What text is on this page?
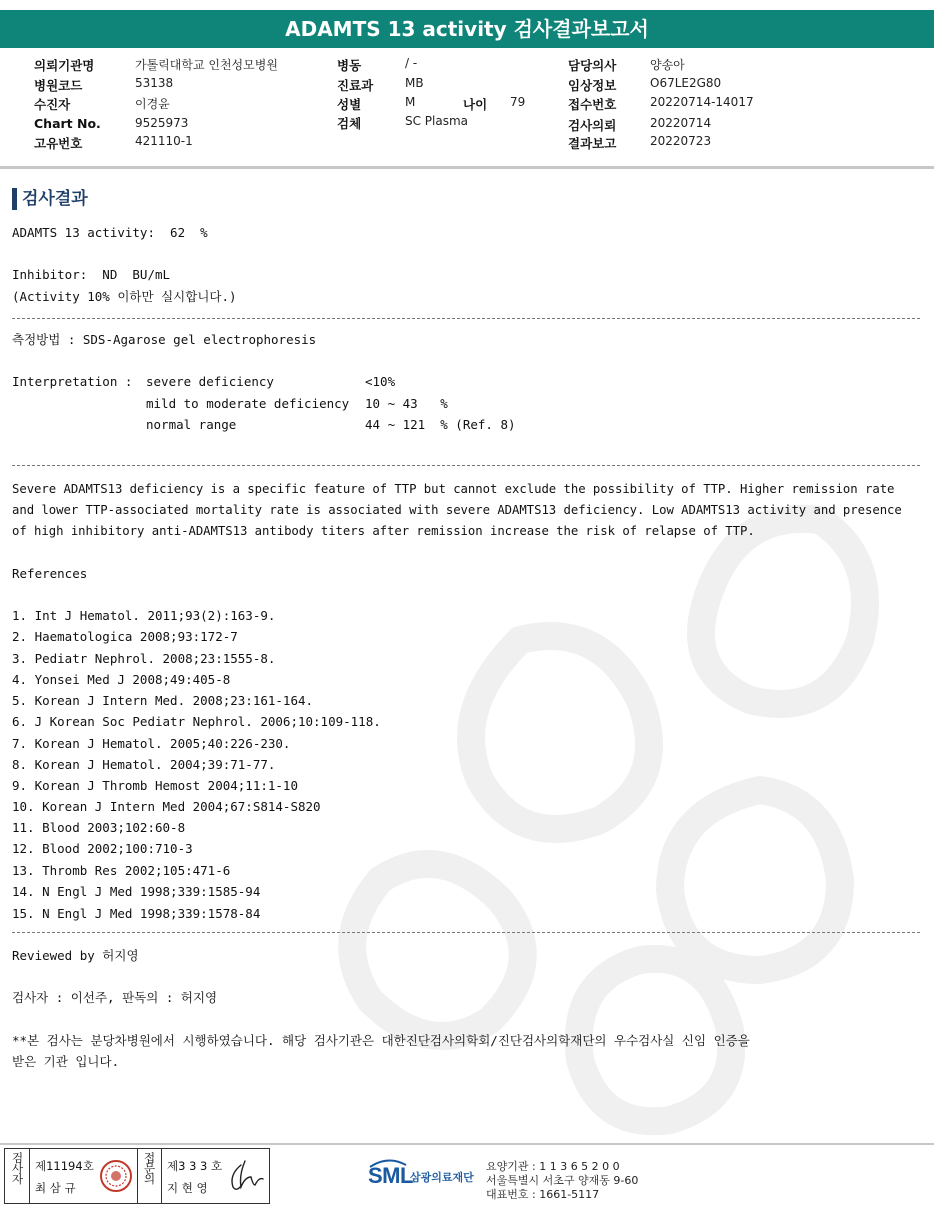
ADAMTS 13 activity 검사결과보고서
의뢰기관명	가톨릭대학교 인천성모병원
병원코드	53138
수진자	이경윤
Chart No.	9525973
고유번호	421110-1
병동	/ -
진료과	MB
성별	M	나이 79
검체	SC Plasma
담당의사	양송아
임상정보	O67LE2G80
접수번호	20220714-14017
검사의뢰	20220714
결과보고	20220723
검사결과
ADAMTS 13 activity:  62  %
Inhibitor:  ND  BU/mL
(Activity 10% 이하만 실시합니다.)
측정방법 : SDS-Agarose gel electrophoresis
Interpretation : severe deficiency	<10%
mild to moderate deficiency 10 ~ 43   %
normal range	44 ~ 121  % (Ref. 8)
Severe ADAMTS13 deficiency is a specific feature of TTP but cannot exclude the possibility of TTP. Higher remission rate
and lower TTP-associated mortality rate is associated with severe ADAMTS13 deficiency. Low ADAMTS13 activity and presence
of high inhibitory anti-ADAMTS13 antibody titers after remission increase the risk of relapse of TTP.
References
1. Int J Hematol. 2011;93(2):163-9.
2. Haematologica 2008;93:172-7
3. Pediatr Nephrol. 2008;23:1555-8.
4. Yonsei Med J 2008;49:405-8
5. Korean J Intern Med. 2008;23:161-164.
6. J Korean Soc Pediatr Nephrol. 2006;10:109-118.
7. Korean J Hematol. 2005;40:226-230.
8. Korean J Hematol. 2004;39:71-77.
9. Korean J Thromb Hemost 2004;11:1-10
10. Korean J Intern Med 2004;67:S814-S820
11. Blood 2003;102:60-8
12. Blood 2002;100:710-3
13. Thromb Res 2002;105:471-6
14. N Engl J Med 1998;339:1585-94
15. N Engl J Med 1998;339:1578-84
Reviewed by 허지영
검사자 : 이선주, 판독의 : 허지영
**본 검사는 분당차병원에서 시행하였습니다. 해당 검사기관은 대한진단검사의학회/진단검사의학재단의 우수검사실 신임 인증을
받은 기관 입니다.
검사자 제11194호
최 삼 규
접문의 제3 3 3 호
지 현 영	SML
삼광의료재단
요양기관 : 1 1 3 6 5 2 0 0
서울특별시 서초구 양재동 9-60
대표번호 : 1661-5117
